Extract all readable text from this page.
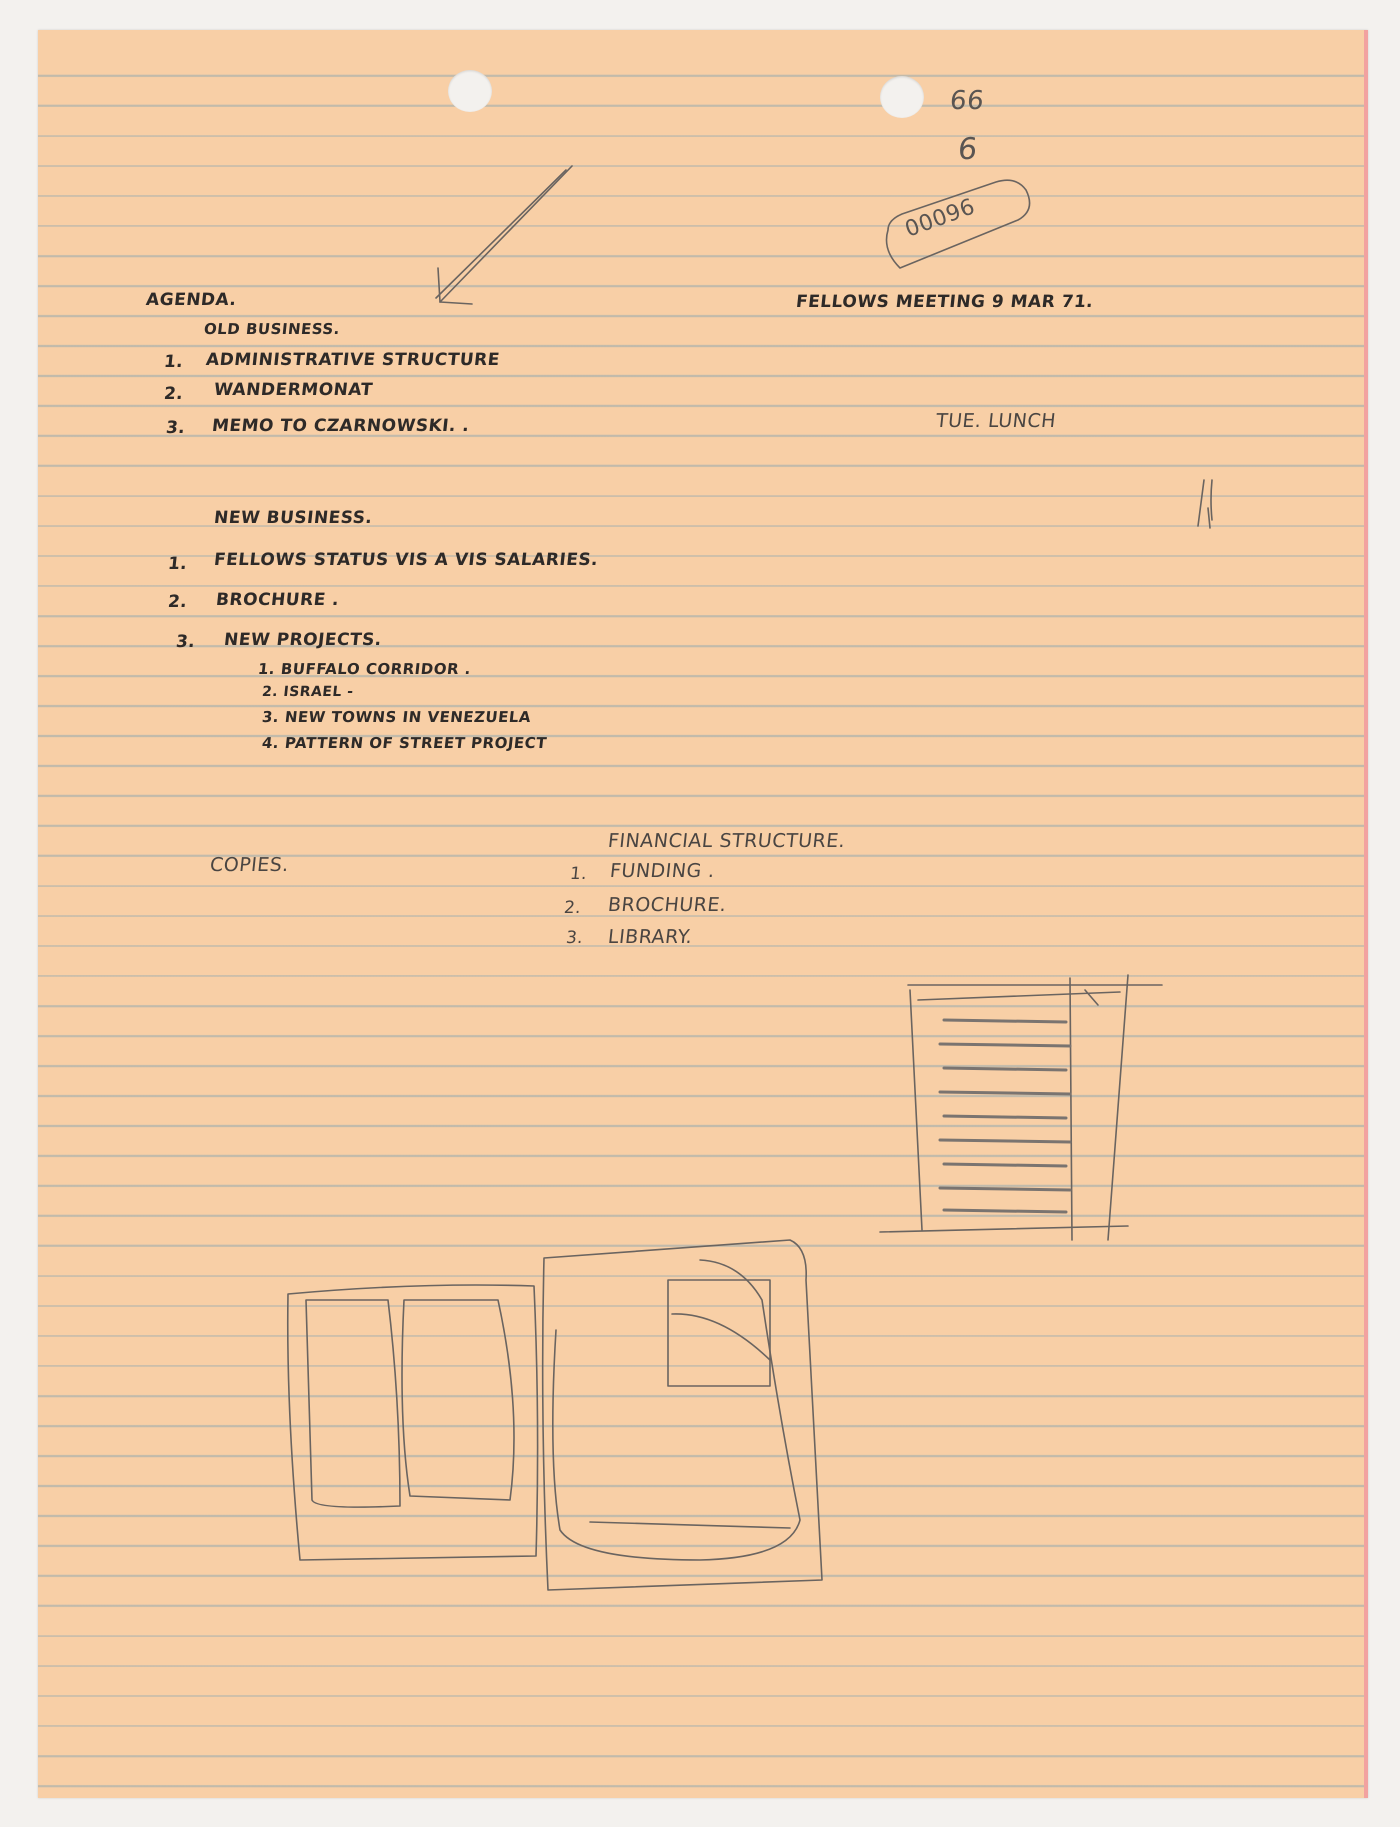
AGENDA.	FELLOWS MEETING 9 MAR 71.
66
6
00096
TUE. LUNCH
OLD BUSINESS.
1. ADMINISTRATIVE STRUCTURE
2. WANDERMONAT
3. MEMO TO CZARNOWSKI. .
NEW BUSINESS.
1. FELLOWS STATUS VIS A VIS SALARIES.
2. BROCHURE .
3. NEW PROJECTS.
1. BUFFALO CORRIDOR .
2. ISRAEL -
3. NEW TOWNS IN VENEZUELA
4. PATTERN OF STREET PROJECT
COPIES.
FINANCIAL STRUCTURE.
1. FUNDING .
2. BROCHURE.
3. LIBRARY.
